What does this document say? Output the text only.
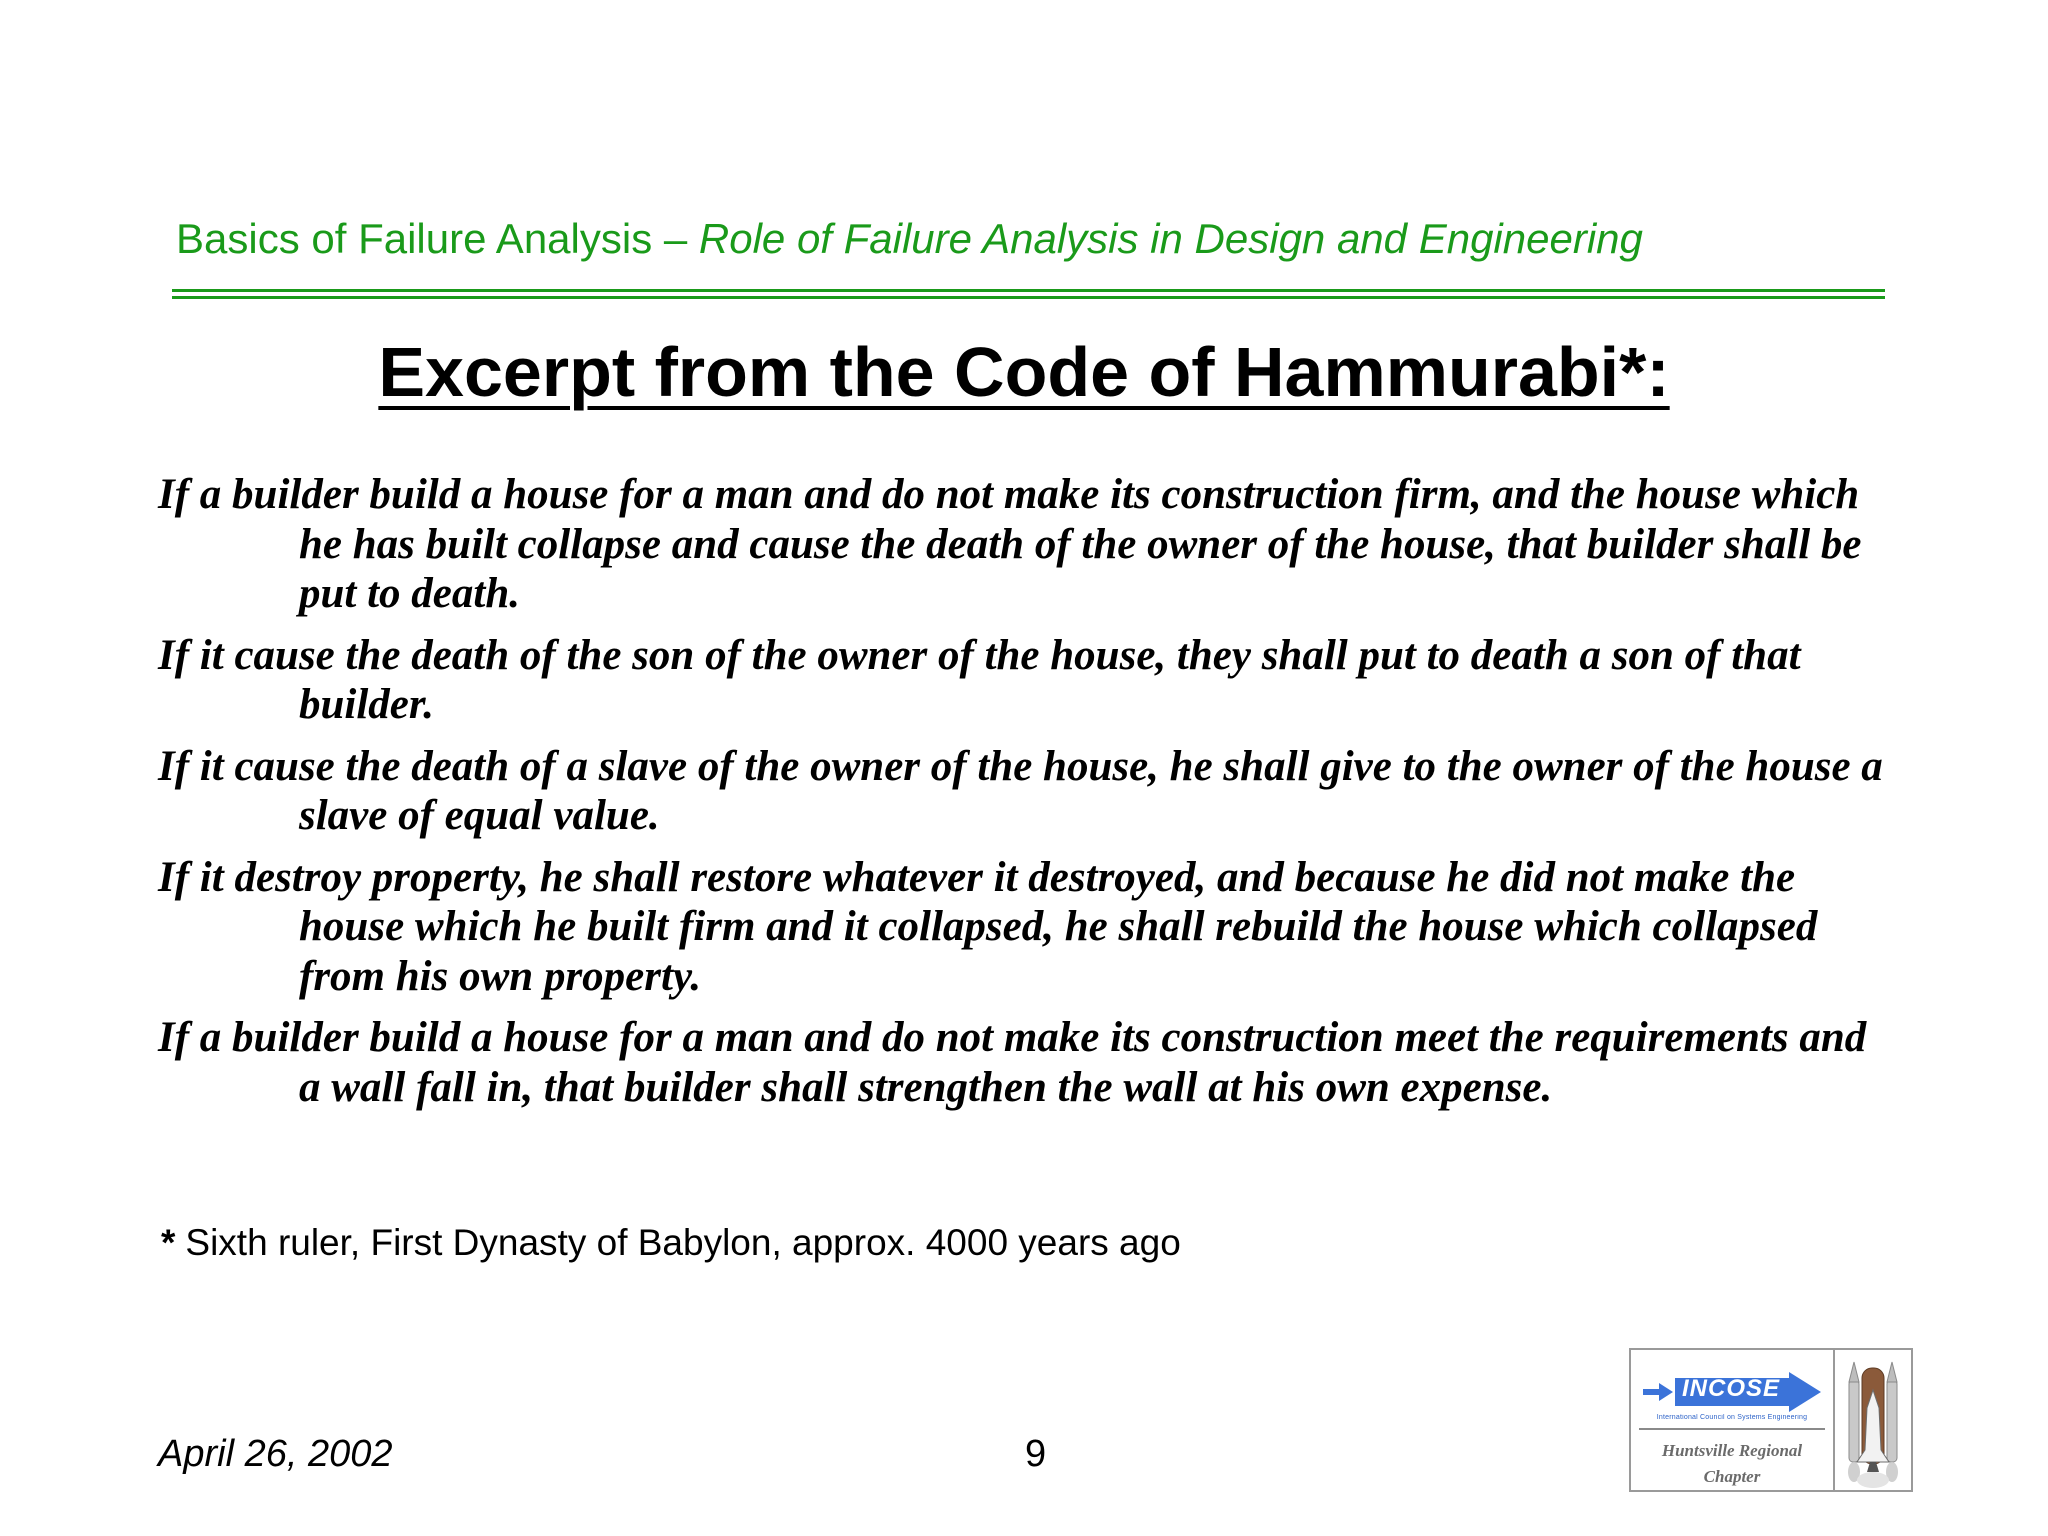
Basics of Failure Analysis – Role of Failure Analysis in Design and Engineering
Excerpt from the Code of Hammurabi*:
If a builder build a house for a man and do not make its construction firm, and the house which he has built collapse and cause the death of the owner of the house, that builder shall be put to death.
If it cause the death of the son of the owner of the house, they shall put to death a son of that builder.
If it cause the death of a slave of the owner of the house, he shall give to the owner of the house a slave of equal value.
If it destroy property, he shall restore whatever it destroyed, and because he did not make the house which he built firm and it collapsed, he shall rebuild the house which collapsed from his own property.
If a builder build a house for a man and do not make its construction meet the requirements and a wall fall in, that builder shall strengthen the wall at his own expense.
* Sixth ruler, First Dynasty of Babylon, approx. 4000 years ago
April 26, 2002	9
INCOSE
International Council on Systems Engineering
Huntsville Regional
Chapter
